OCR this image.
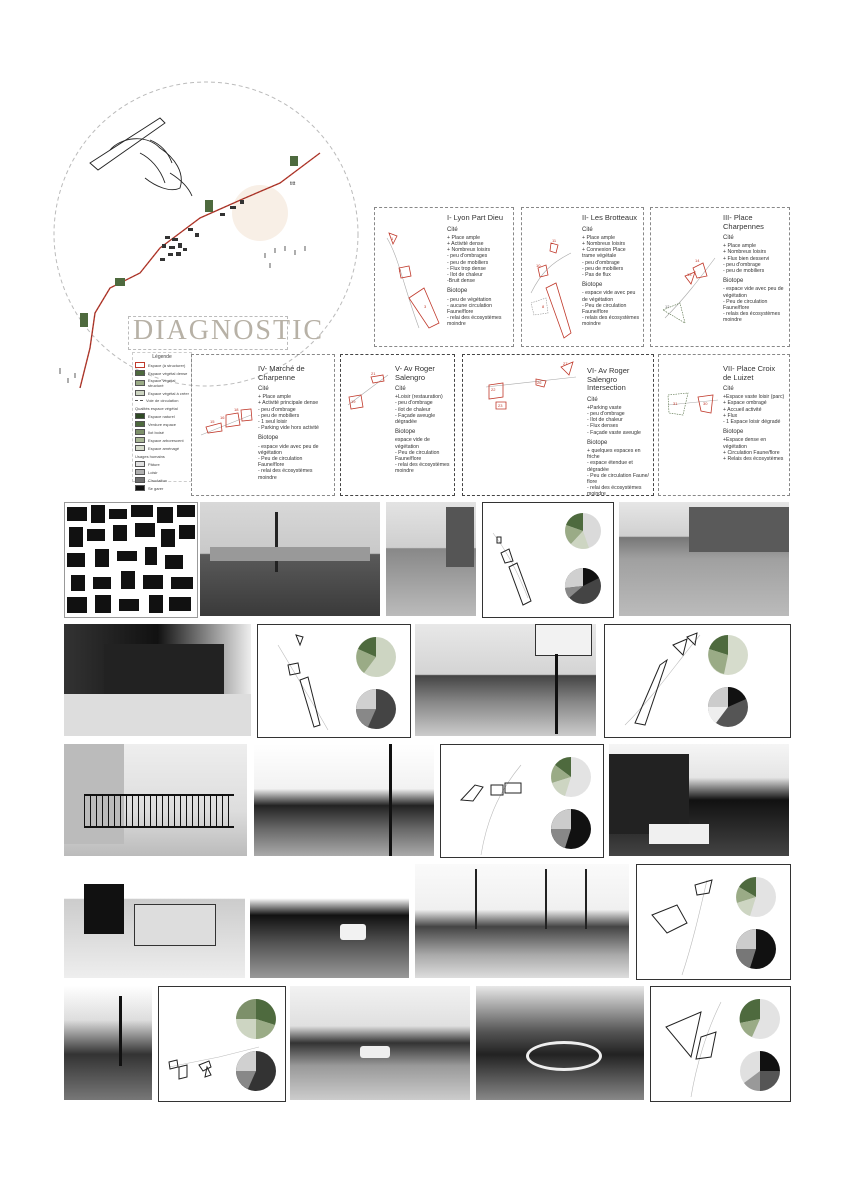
titt
DIAGNOSTIC
Légende
Espace (à structurer)
Espace végétal dense
Espace végétal structuré
Espace végétal à créer
Voie de circulation
Qualités espace végétal
Espace naturel
Verdure espace
Ilot boisé
Espace arborescent
Espace aménagé
Usages humains
Pâture
Loisir
Circulation
Se garer
1
2
3
I- Lyon Part Dieu
Cité
+ Place ample
+ Activité dense
+ Nombreux loisirs
- peu d'ombrages
- peu de mobiliers
- Flux trop dense
- Ilot de chaleur
-Bruit dense
Biotope
- peu de végétation
- aucune circulation Faune/flore
- relai des écosystèmes moindre
11
10
8
II- Les Brotteaux
Cité
+ Place ample
+ Nombreux loisirs
+ Connexion Place trame végétale
- peu d'ombrage
- peu de mobiliers
- Pas de flux
Biotope
- espace vide avec peu de végétation
- Peu de circulation Faune/flore
- relais des écosystèmes moindre
14
13
12
III- Place Charpennes
Cité
+ Place ample
+ Nombreux loisirs
+ Flux bien desservi
- peu d'ombrage
- peu de mobiliers
Biotope
- espace vide avec peu de végétation
- Peu de circulation Faune/flore
- relais des écosystèmes moindre
15
16
18
IV- Marché de Charpenne
Cité
+ Place ample
+ Activité principale dense
- peu d'ombrage
- peu de mobiliers
- 1 seul loisir
- Parking vide hors activité
Biotope
- espace vide avec peu de végétation
- Peu de circulation Faune/flore
- relai des écosystèmes moindre
19
21
V- Av Roger Salengro
Cité
+Loisir (restauration)
- peu d'ombrage
- ilot de chaleur
- Façade aveugle dégradée
Biotope
espace vide de végétation
- Peu de circulation Faune/flore
- relai des écosystèmes moindre
22
23
26
27
VI- Av Roger Salengro Intersection
Cité
+Parking vaste
- peu d'ombrage
- Ilot de chaleur
- Flux denses
- Façade vaste aveugle
Biotope
+ quelques espaces en friche
- espace étendue et dégradée
- Peu de circulation Faune/ flore
- relai des écosystèmes moindre
31	30
VII- Place Croix de Luizet
Cité
+Espace vaste loisir (parc)
+ Espace ombragé
+ Accueil activité
+ Flux
- 1 Espace loisir dégradé
Biotope
+Espace dense en végétation
+ Circulation Faune/flore
+ Relais des écosystèmes
